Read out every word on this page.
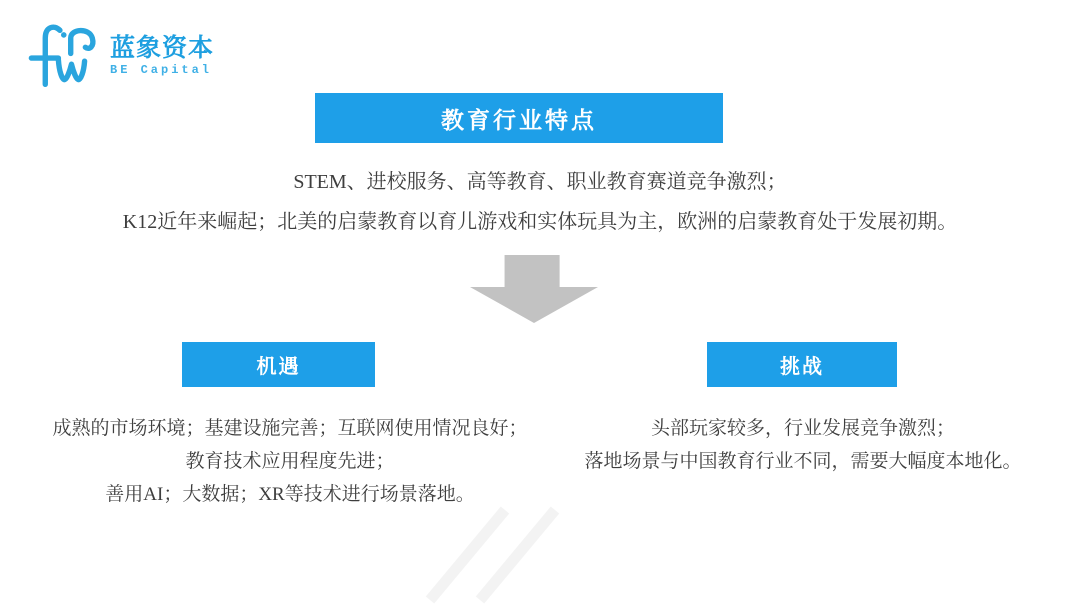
蓝象资本
BE Capital
教育行业特点
STEM、进校服务、高等教育、职业教育赛道竞争激烈；
K12近年来崛起；北美的启蒙教育以育儿游戏和实体玩具为主，欧洲的启蒙教育处于发展初期。
机遇
成熟的市场环境；基建设施完善；互联网使用情况良好；
教育技术应用程度先进；
善用AI；大数据；XR等技术进行场景落地。
挑战
头部玩家较多，行业发展竞争激烈；
落地场景与中国教育行业不同，需要大幅度本地化。
